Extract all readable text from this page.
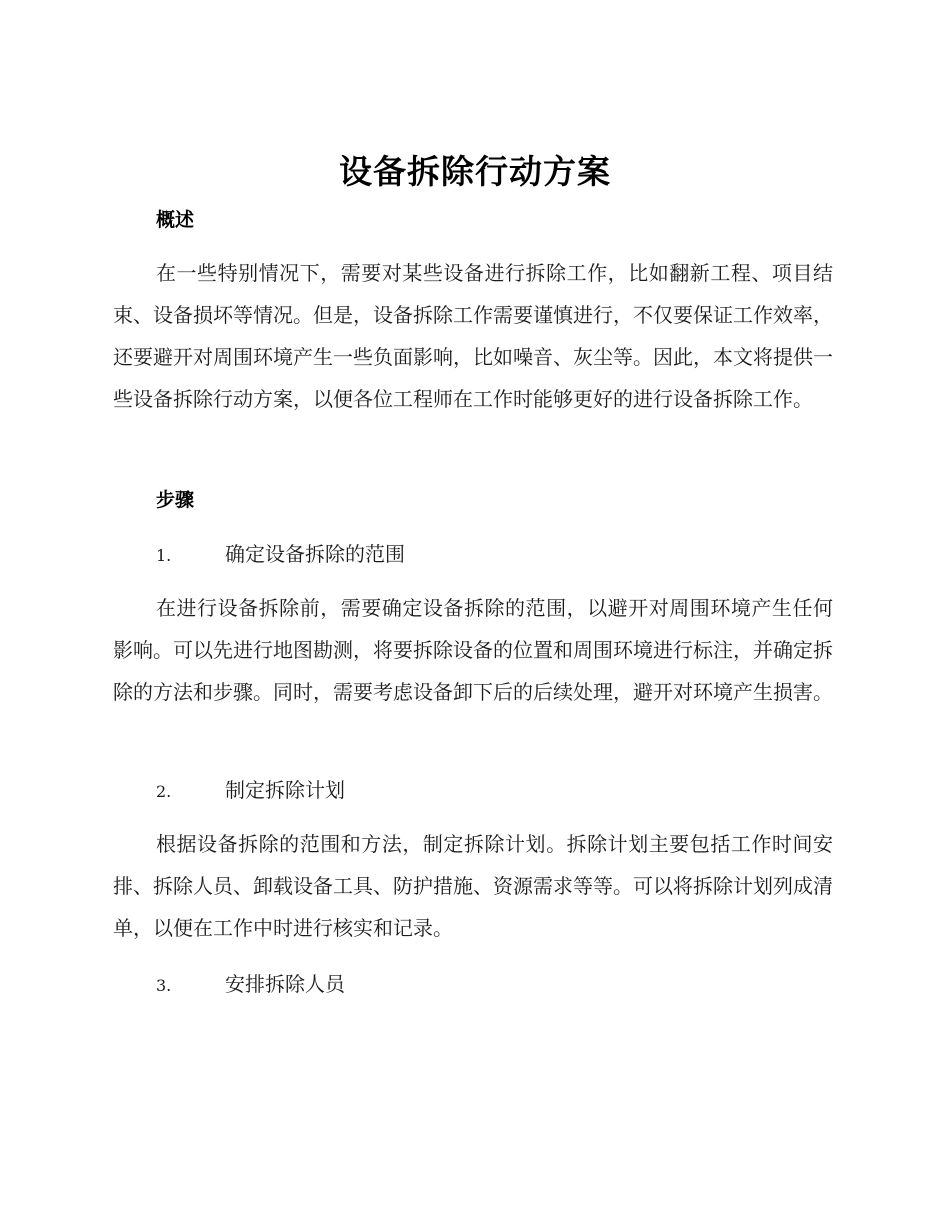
设备拆除行动方案
概述

在一些特别情况下，需要对某些设备进行拆除工作，比如翻新工程、项目结束、设备损坏等情况。但是，设备拆除工作需要谨慎进行，不仅要保证工作效率，还要避开对周围环境产生一些负面影响，比如噪音、灰尘等。因此，本文将提供一些设备拆除行动方案，以便各位工程师在工作时能够更好的进行设备拆除工作。

步骤
1.	确定设备拆除的范围

在进行设备拆除前，需要确定设备拆除的范围，以避开对周围环境产生任何影响。可以先进行地图勘测，将要拆除设备的位置和周围环境进行标注，并确定拆除的方法和步骤。同时，需要考虑设备卸下后的后续处理，避开对环境产生损害。

2.	制定拆除计划

根据设备拆除的范围和方法，制定拆除计划。拆除计划主要包括工作时间安排、拆除人员、卸载设备工具、防护措施、资源需求等等。可以将拆除计划列成清单，以便在工作中时进行核实和记录。

3.	安排拆除人员
